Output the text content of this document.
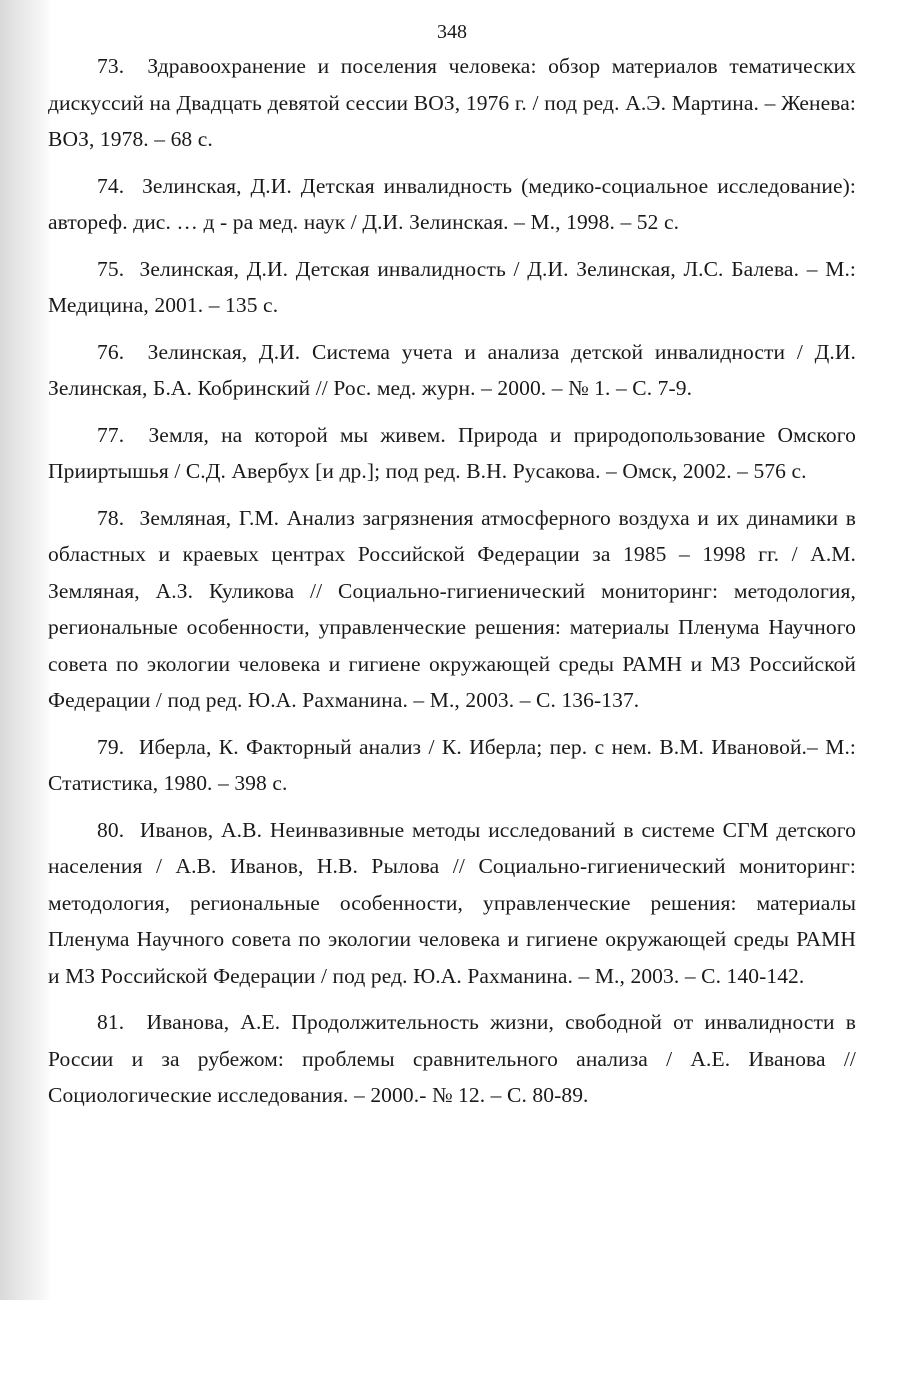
348

73. Здравоохранение и поселения человека: обзор материалов тематических дискуссий на Двадцать девятой сессии ВОЗ, 1976 г. / под ред. А.Э. Мартина. – Женева: ВОЗ, 1978. – 68 с.

74. Зелинская, Д.И. Детская инвалидность (медико-социальное исследование): автореф. дис. … д - ра мед. наук / Д.И. Зелинская. – М., 1998. – 52 с.

75. Зелинская, Д.И. Детская инвалидность / Д.И. Зелинская, Л.С. Балева. – М.: Медицина, 2001. – 135 с.

76. Зелинская, Д.И. Система учета и анализа детской инвалидности / Д.И. Зелинская, Б.А. Кобринский // Рос. мед. журн. – 2000. – № 1. – С. 7-9.

77. Земля, на которой мы живем. Природа и природопользование Омского Прииртышья / С.Д. Авербух [и др.]; под ред. В.Н. Русакова. – Омск, 2002. – 576 с.

78. Земляная, Г.М. Анализ загрязнения атмосферного воздуха и их динамики в областных и краевых центрах Российской Федерации за 1985 – 1998 гг. / А.М. Земляная, А.З. Куликова // Социально-гигиенический мониторинг: методология, региональные особенности, управленческие решения: материалы Пленума Научного совета по экологии человека и гигиене окружающей среды РАМН и МЗ Российской Федерации / под ред. Ю.А. Рахманина. – М., 2003. – С. 136-137.

79. Иберла, К. Факторный анализ / К. Иберла; пер. с нем. В.М. Ивановой.– М.: Статистика, 1980. – 398 с.

80. Иванов, А.В. Неинвазивные методы исследований в системе СГМ детского населения / А.В. Иванов, Н.В. Рылова // Социально-гигиенический мониторинг: методология, региональные особенности, управленческие решения: материалы Пленума Научного совета по экологии человека и гигиене окружающей среды РАМН и МЗ Российской Федерации / под ред. Ю.А. Рахманина. – М., 2003. – С. 140-142.

81. Иванова, А.Е. Продолжительность жизни, свободной от инвалидности в России и за рубежом: проблемы сравнительного анализа / А.Е. Иванова // Социологические исследования. – 2000.- № 12. – С. 80-89.
